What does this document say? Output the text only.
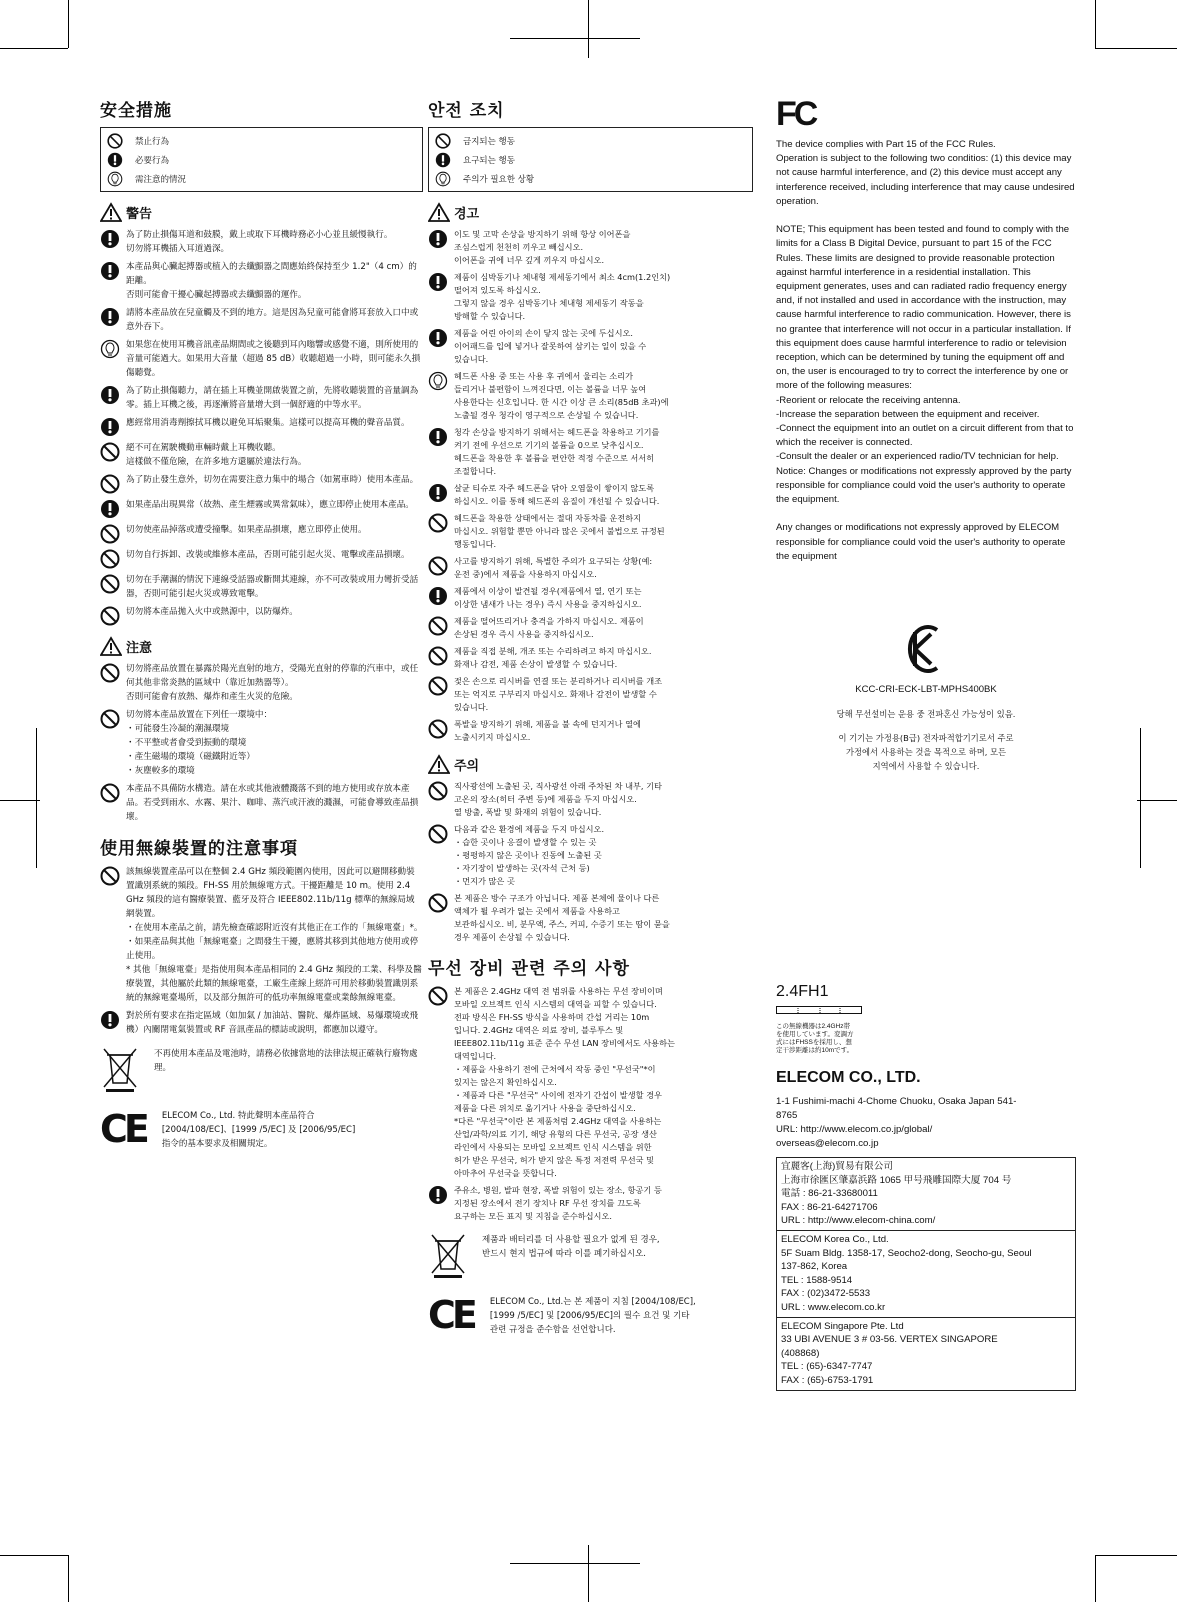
安全措施
禁止行為
必要行為
需注意的情況
警告
為了防止損傷耳道和鼓膜，戴上或取下耳機時務必小心並且緩慢執行。
切勿將耳機插入耳道過深。
本產品與心臟起搏器或植入的去纖顫器之間應始終保持至少 1.2"（4 cm）的距離。
否則可能會干擾心臟起搏器或去纖顫器的運作。
請將本產品放在兒童觸及不到的地方。這是因為兒童可能會將耳套放入口中或意外吞下。
如果您在使用耳機音訊產品期間或之後聽到耳內嗡響或感覺不適，則所使用的音量可能過大。如果用大音量（超過 85 dB）收聽超過一小時，則可能永久損傷聽覺。
為了防止損傷聽力，請在插上耳機並開啟裝置之前，先將收聽裝置的音量調為零。插上耳機之後，再逐漸將音量增大到一個舒適的中等水平。
應經常用消毒劑擦拭耳機以避免耳垢聚集。這樣可以提高耳機的聲音品質。
絕不可在駕駛機動車輛時戴上耳機收聽。
這樣做不僅危險，在許多地方還屬於違法行為。
為了防止發生意外，切勿在需要注意力集中的場合（如駕車時）使用本產品。
如果產品出現異常（故熱、產生煙霧或異常氣味），應立即停止使用本產品。
切勿使產品掉落或遭受撞擊。如果產品損壞，應立即停止使用。
切勿自行拆卸、改裝或維修本產品，否則可能引起火災、電擊或產品損壞。
切勿在手潮濕的情況下連線受話器或斷開其連線，亦不可改裝或用力彎折受話器，否則可能引起火災或導致電擊。
切勿將本產品拋入火中或熱源中，以防爆炸。
注意
切勿將產品放置在暴露於陽光直射的地方，受陽光直射的停靠的汽車中，或任何其他非常炎熱的區域中（靠近加熱器等）。
否則可能會有放熱、爆炸和產生火災的危險。
切勿將本產品放置在下列任一環境中：
・可能發生冷凝的潮濕環境
・不平整或者會受到振動的環境
・產生磁場的環境（磁鐵附近等）
・灰塵較多的環境
本產品不具備防水構造。請在水或其他液體濺落不到的地方使用或存放本產品。若受到雨水、水霧、果汁、咖啡、蒸汽或汗液的濺濕，可能會導致產品損壞。
使用無線裝置的注意事項
該無線裝置產品可以在整個 2.4 GHz 頻段範圍內使用，因此可以避開移動裝置識別系統的頻段。FH-SS 用於無線電方式。干擾距離是 10 m。使用 2.4 GHz 頻段的這有醫療裝置、藍牙及符合 IEEE802.11b/11g 標準的無線局域網裝置。
・在使用本產品之前，請先檢查確認附近沒有其他正在工作的「無線電臺」*。
・如果產品與其他「無線電臺」之間發生干擾，應將其移到其他地方使用或停止使用。
* 其他「無線電臺」是指使用與本產品相同的 2.4 GHz 頻段的工業、科學及醫療裝置，其他屬於此類的無線電臺，工廠生產線上經許可用於移動裝置識別系統的無線電臺場所，以及部分無許可的低功率無線電臺或業餘無線電臺。
對於所有要求在指定區域（如加氣 / 加油站、醫院、爆炸區域、易爆環境或飛機）內關閉電氣裝置或 RF 音訊產品的標誌或說明，都應加以遵守。
不再使用本產品及電池時，請務必依據當地的法律法規正確執行廢物處理。
CE ELECOM Co., Ltd. 特此聲明本產品符合
[2004/108/EC]、[1999 /5/EC] 及 [2006/95/EC]
指令的基本要求及相關規定。
안전 조치
금지되는 행동
요구되는 행동
주의가 필요한 상황
경고
이도 및 고막 손상을 방지하기 위해 항상 이어폰을
조심스럽게 천천히 끼우고 빼십시오.
이어폰을 귀에 너무 깊게 끼우지 마십시오.
제품이 심박동기나 체내형 제세동기에서 최소 4cm(1.2인치)
떨어져 있도록 하십시오.
그렇지 않을 경우 심박동기나 체내형 제세동기 작동을
방해할 수 있습니다.
제품을 어린 아이의 손이 닿지 않는 곳에 두십시오.
이어패드를 입에 넣거나 잘못하여 삼키는 일이 있을 수
있습니다.
헤드폰 사용 중 또는 사용 후 귀에서 울리는 소리가
들리거나 불편함이 느껴진다면, 이는 볼륨을 너무 높여
사용한다는 신호입니다. 한 시간 이상 큰 소리(85dB 초과)에
노출될 경우 청각이 영구적으로 손상될 수 있습니다.
청각 손상을 방지하기 위해서는 헤드폰을 착용하고 기기를
켜기 전에 우선으로 기기의 볼륨을 0으로 낮추십시오.
헤드폰을 착용한 후 볼륨을 편안한 적정 수준으로 서서히
조절합니다.
살균 티슈로 자주 헤드폰을 닦아 오염물이 쌓이지 않도록
하십시오. 이를 통해 헤드폰의 음질이 개선될 수 있습니다.
헤드폰을 착용한 상태에서는 절대 자동차를 운전하지
마십시오. 위험할 뿐만 아니라 많은 곳에서 불법으로 규정된
행동입니다.
사고를 방지하기 위해, 특별한 주의가 요구되는 상황(예:
운전 중)에서 제품을 사용하지 마십시오.
제품에서 이상이 발견될 경우(제품에서 열, 연기 또는
이상한 냄새가 나는 경우) 즉시 사용을 중지하십시오.
제품을 떨어뜨리거나 충격을 가하지 마십시오. 제품이
손상된 경우 즉시 사용을 중지하십시오.
제품을 직접 분해, 개조 또는 수리하려고 하지 마십시오.
화재나 감전, 제품 손상이 발생할 수 있습니다.
젖은 손으로 리시버를 연결 또는 분리하거나 리시버를 개조
또는 억지로 구부리지 마십시오. 화재나 감전이 발생할 수
있습니다.
폭발을 방지하기 위해, 제품을 불 속에 던지거나 열에
노출시키지 마십시오.
주의
직사광선에 노출된 곳, 직사광선 아래 주차된 차 내부, 기타
고온의 장소(히터 주변 등)에 제품을 두지 마십시오.
열 방출, 폭발 및 화재의 위험이 있습니다.
다음과 같은 환경에 제품을 두지 마십시오.
・습한 곳이나 응결이 발생할 수 있는 곳
・평평하지 않은 곳이나 진동에 노출된 곳
・자기장이 발생하는 곳(자석 근처 등)
・먼지가 많은 곳
본 제품은 방수 구조가 아닙니다. 제품 본체에 물이나 다른
액체가 튈 우려가 없는 곳에서 제품을 사용하고
보관하십시오. 비, 분무액, 주스, 커피, 수증기 또는 땀이 묻을
경우 제품이 손상될 수 있습니다.
무선 장비 관련 주의 사항
본 제품은 2.4GHz 대역 전 범위를 사용하는 무선 장비이며
모바일 오브젝트 인식 시스템의 대역을 피할 수 있습니다.
전파 방식은 FH-SS 방식을 사용하며 간섭 거리는 10m
입니다. 2.4GHz 대역은 의료 장비, 블루투스 및
IEEE802.11b/11g 표준 준수 무선 LAN 장비에서도 사용하는
대역입니다.
・제품을 사용하기 전에 근처에서 작동 중인 "무선국"*이
있지는 않은지 확인하십시오.
・제품과 다른 "무선국" 사이에 전자기 간섭이 발생할 경우
제품을 다른 위치로 옮기거나 사용을 중단하십시오.
*다른 "무선국"이란 본 제품처럼 2.4GHz 대역을 사용하는
산업/과학/의료 기기, 해당 유형의 다른 무선국, 공장 생산
라인에서 사용되는 모바일 오브젝트 인식 시스템을 위한
허가 받은 무선국, 허가 받지 않은 특정 저전력 무선국 및
아마추어 무선국을 뜻합니다.
주유소, 병원, 발파 현장, 폭발 위험이 있는 장소, 항공기 등
지정된 장소에서 전기 장치나 RF 무선 장치를 끄도록
요구하는 모든 표지 및 지침을 준수하십시오.
제품과 배터리를 더 사용할 필요가 없게 된 경우,
반드시 현지 법규에 따라 이를 폐기하십시오.
CE ELECOM Co., Ltd.는 본 제품이 지침 [2004/108/EC],
[1999 /5/EC] 및 [2006/95/EC]의 필수 요건 및 기타
관련 규정을 준수함을 선언합니다.
FC
The device complies with Part 15 of the FCC Rules.
Operation is subject to the following two conditios: (1) this device may not cause harmful interference, and (2) this device must accept any interference received, including interference that may cause undesired operation.

NOTE; This equipment has been tested and found to comply with the limits for a Class B Digital Device, pursuant to part 15 of the FCC Rules. These limits are designed to provide reasonable protection against harmful interference in a residential installation. This equipment generates, uses and can radiated radio frequency energy and, if not installed and used in accordance with the instruction, may cause harmful interference to radio communication. However, there is no grantee that interference will not occur in a particular installation. If this equipment does cause harmful interference to radio or television reception, which can be determined by tuning the equipment off and on, the user is encouraged to try to correct the interference by one or more of the following measures:
-Reorient or relocate the receiving antenna.
-Increase the separation between the equipment and receiver.
-Connect the equipment into an outlet on a circuit different from that to
which the receiver is connected.
-Consult the dealer or an experienced radio/TV technician for help.
Notice: Changes or modifications not expressly approved by the party responsible for compliance could void the user's authority to operate the equipment.

Any changes or modifications not expressly approved by ELECOM responsible for compliance could void the user's authority to operate the equipment
KCC-CRI-ECK-LBT-MPHS400BK
당해 무선설비는 운용 중 전파혼신 가능성이 있음.
이 기기는 가정용(B급) 전자파적합기기로서 주로
가정에서 사용하는 것을 목적으로 하며, 모든
지역에서 사용할 수 있습니다.
2.4FH1
この無線機器は2.4GHz帯
を使用しています。変調方
式にはFHSSを採用し、想
定干渉距離は約10mです。
ELECOM CO., LTD.
1-1 Fushimi-machi 4-Chome Chuoku, Osaka Japan 541-
8765
URL: http://www.elecom.co.jp/global/
overseas@elecom.co.jp
宜麗客(上海)貿易有限公司
上海市徐匯区肇嘉浜路 1065 甲号飛雕国際大厦 704 号
電話 : 86-21-33680011
FAX : 86-21-64271706
URL : http://www.elecom-china.com/
ELECOM Korea Co., Ltd.
5F Suam Bldg. 1358-17, Seocho2-dong, Seocho-gu, Seoul
137-862, Korea
TEL : 1588-9514
FAX : (02)3472-5533
URL : www.elecom.co.kr
ELECOM Singapore Pte. Ltd
33 UBI AVENUE 3 # 03-56. VERTEX SINGAPORE
(408868)
TEL : (65)-6347-7747
FAX : (65)-6753-1791
